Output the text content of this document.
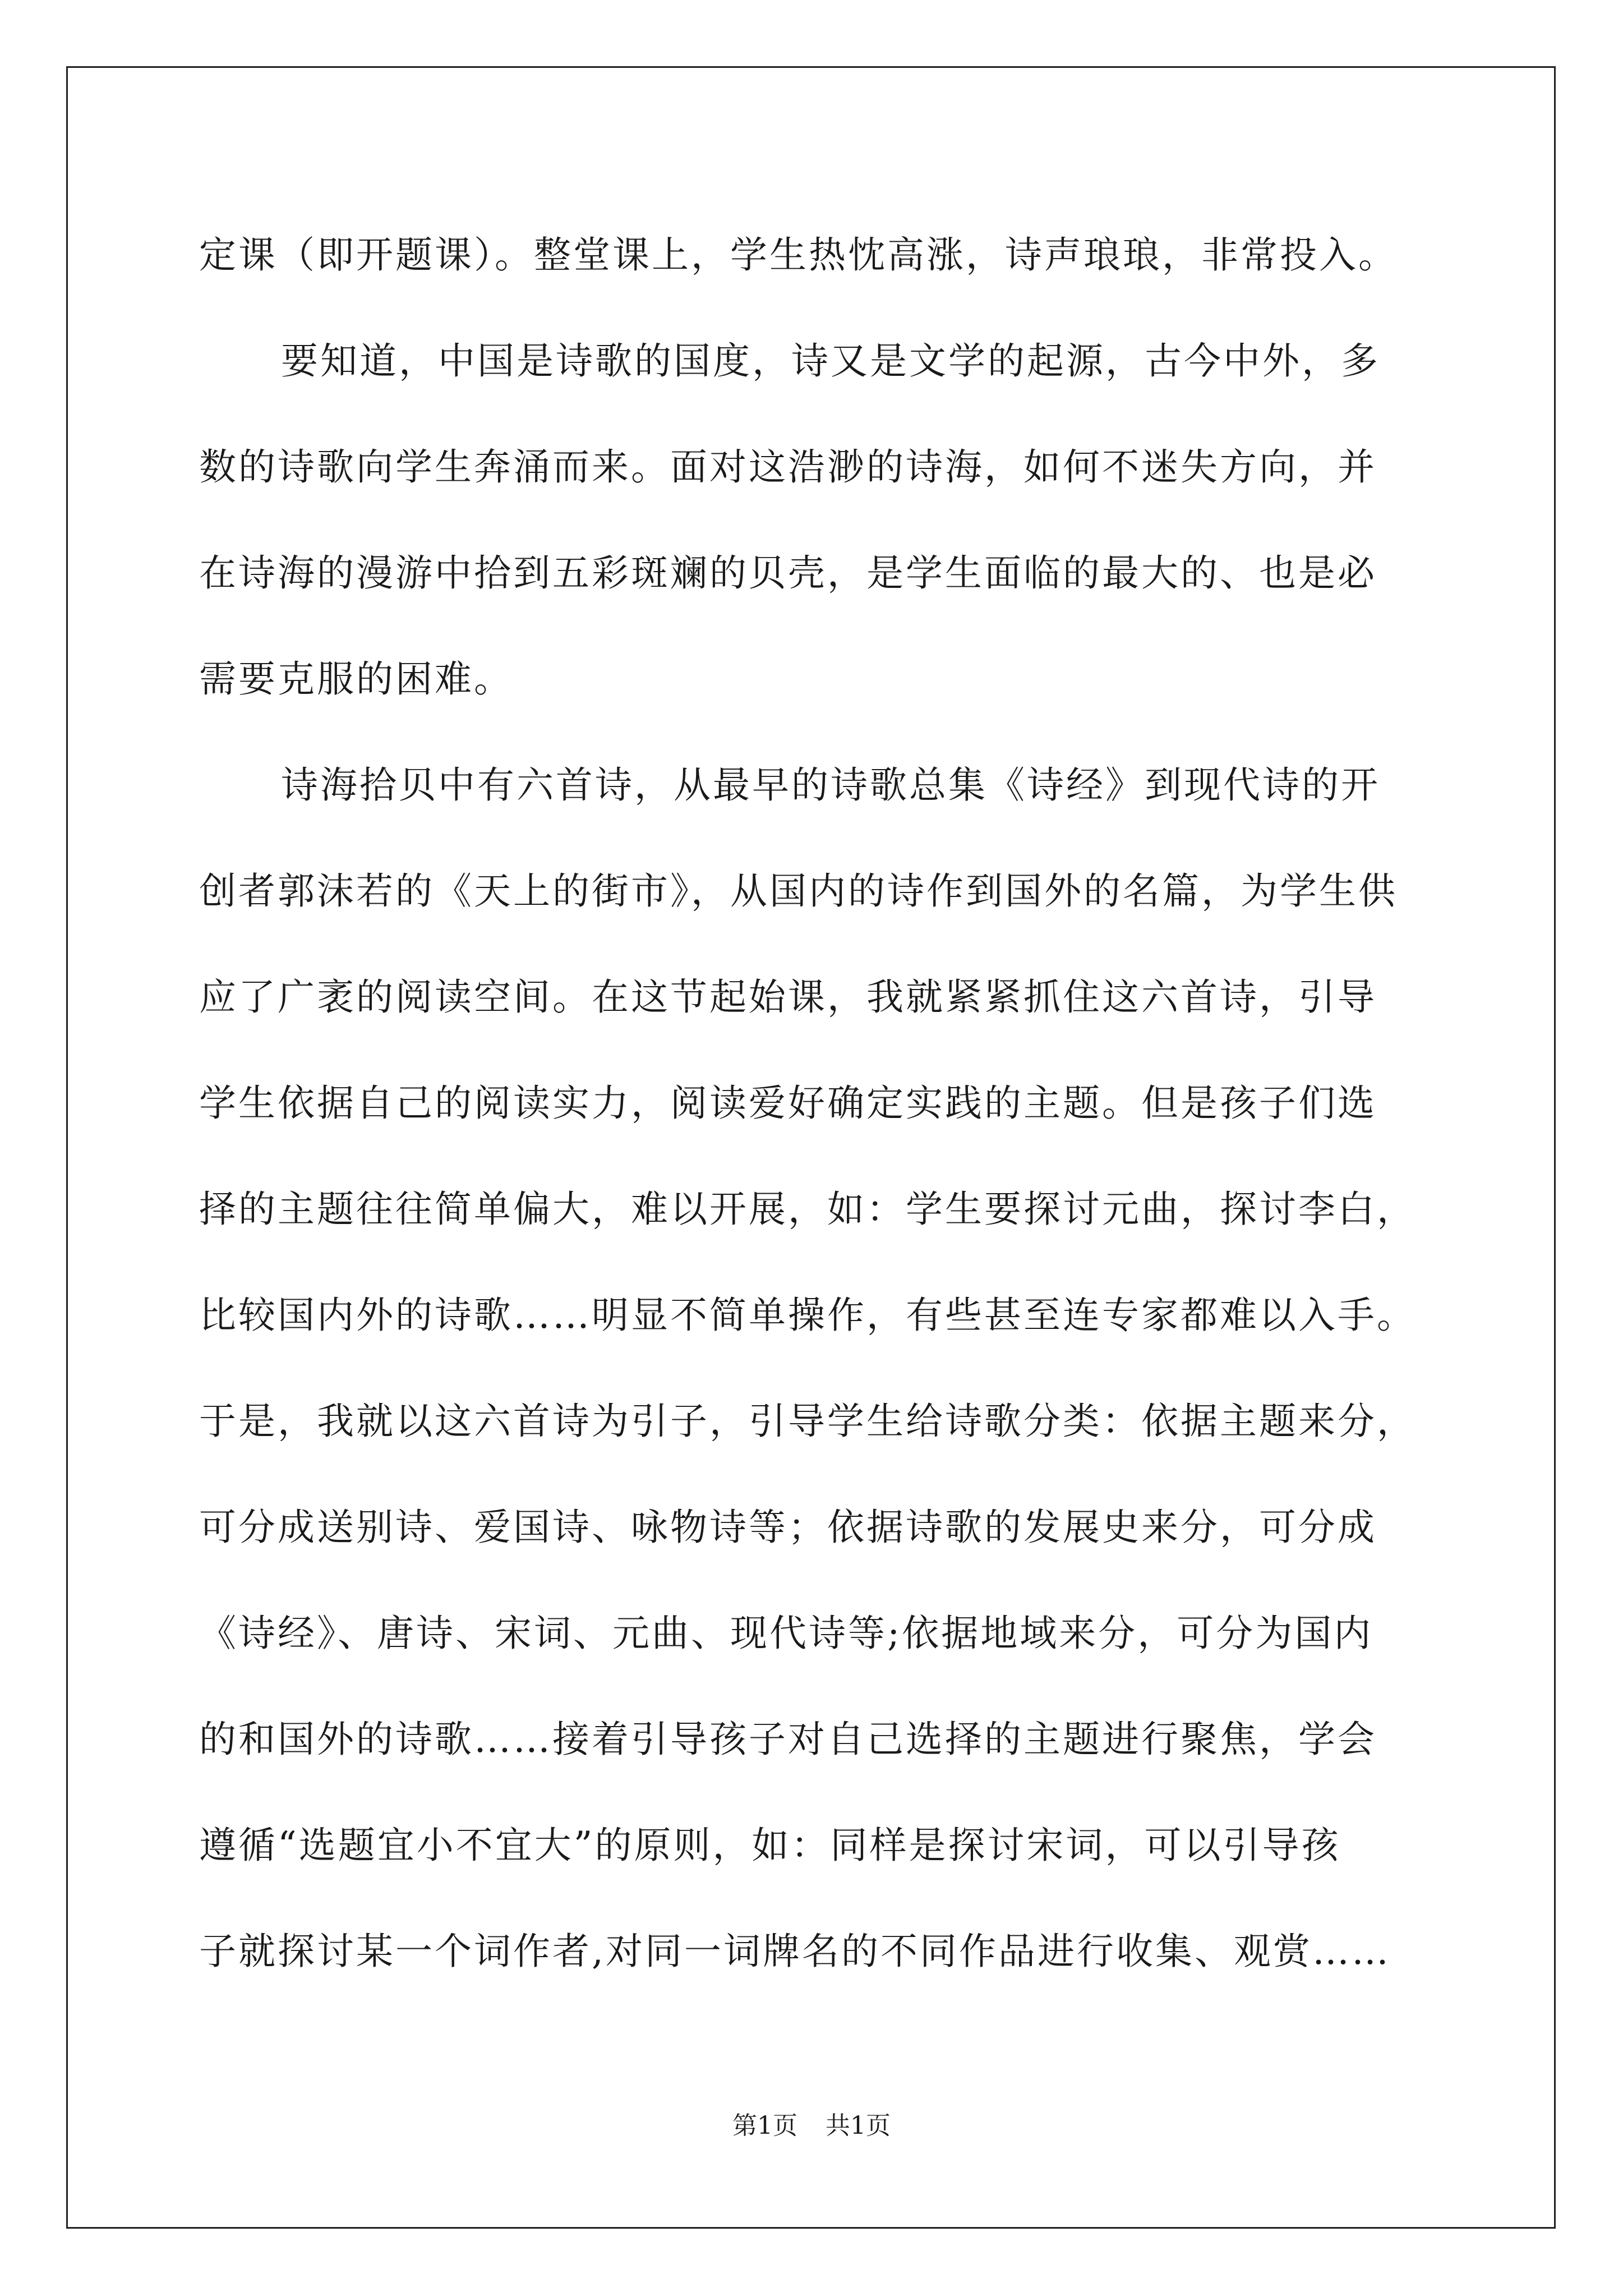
定课（即开题课）。整堂课上，学生热忱高涨，诗声琅琅，非常投入。
要知道，中国是诗歌的国度，诗又是文学的起源，古今中外，多
数的诗歌向学生奔涌而来。面对这浩渺的诗海，如何不迷失方向，并
在诗海的漫游中拾到五彩斑斓的贝壳，是学生面临的最大的、也是必
需要克服的困难。
诗海拾贝中有六首诗，从最早的诗歌总集《诗经》到现代诗的开
创者郭沫若的《天上的街市》，从国内的诗作到国外的名篇，为学生供
应了广袤的阅读空间。在这节起始课，我就紧紧抓住这六首诗，引导
学生依据自己的阅读实力，阅读爱好确定实践的主题。但是孩子们选
择的主题往往简单偏大，难以开展，如：学生要探讨元曲，探讨李白，
比较国内外的诗歌……明显不简单操作，有些甚至连专家都难以入手。
于是，我就以这六首诗为引子，引导学生给诗歌分类：依据主题来分，
可分成送别诗、爱国诗、咏物诗等；依据诗歌的发展史来分，可分成
《诗经》、唐诗、宋词、元曲、现代诗等;依据地域来分，可分为国内
的和国外的诗歌……接着引导孩子对自己选择的主题进行聚焦，学会
遵循“选题宜小不宜大”的原则，如：同样是探讨宋词，可以引导孩
子就探讨某一个词作者,对同一词牌名的不同作品进行收集、观赏……
第1页 共1页
